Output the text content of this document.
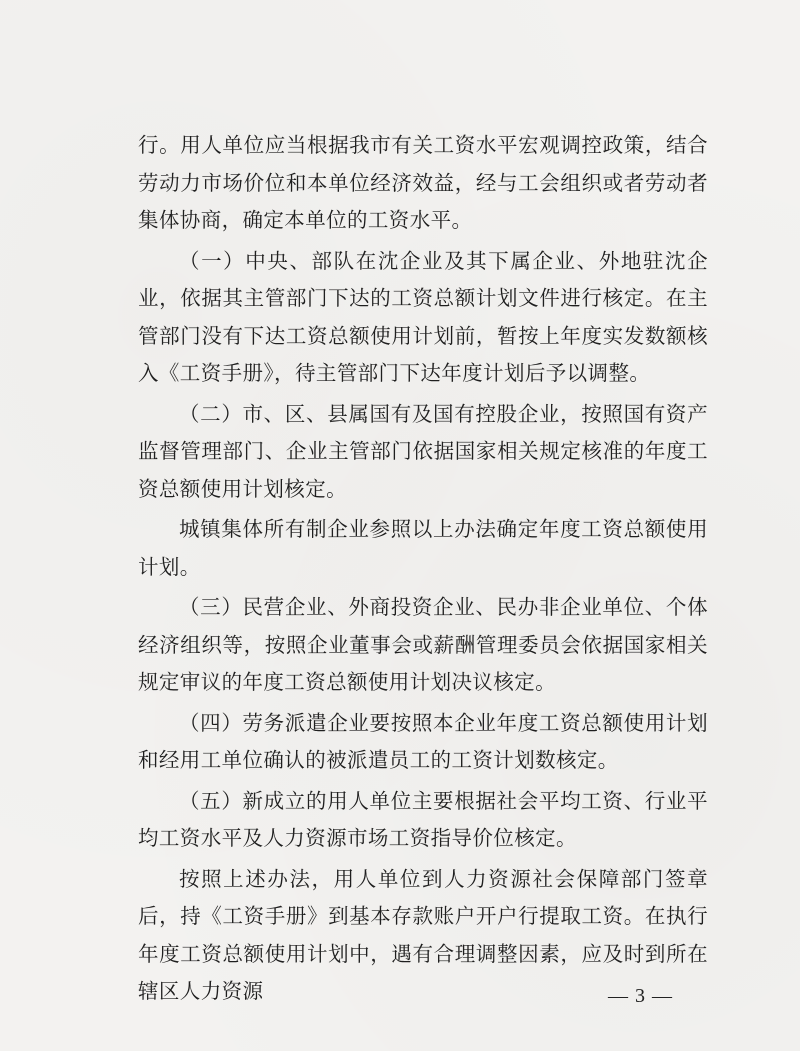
行。用人单位应当根据我市有关工资水平宏观调控政策，结合劳动力市场价位和本单位经济效益，经与工会组织或者劳动者集体协商，确定本单位的工资水平。

（一）中央、部队在沈企业及其下属企业、外地驻沈企业，依据其主管部门下达的工资总额计划文件进行核定。在主管部门没有下达工资总额使用计划前，暂按上年度实发数额核入《工资手册》，待主管部门下达年度计划后予以调整。

（二）市、区、县属国有及国有控股企业，按照国有资产监督管理部门、企业主管部门依据国家相关规定核准的年度工资总额使用计划核定。

城镇集体所有制企业参照以上办法确定年度工资总额使用计划。

（三）民营企业、外商投资企业、民办非企业单位、个体经济组织等，按照企业董事会或薪酬管理委员会依据国家相关规定审议的年度工资总额使用计划决议核定。

（四）劳务派遣企业要按照本企业年度工资总额使用计划和经用工单位确认的被派遣员工的工资计划数核定。

（五）新成立的用人单位主要根据社会平均工资、行业平均工资水平及人力资源市场工资指导价位核定。

按照上述办法，用人单位到人力资源社会保障部门签章后，持《工资手册》到基本存款账户开户行提取工资。在执行年度工资总额使用计划中，遇有合理调整因素，应及时到所在辖区人力资源	— 3 —
